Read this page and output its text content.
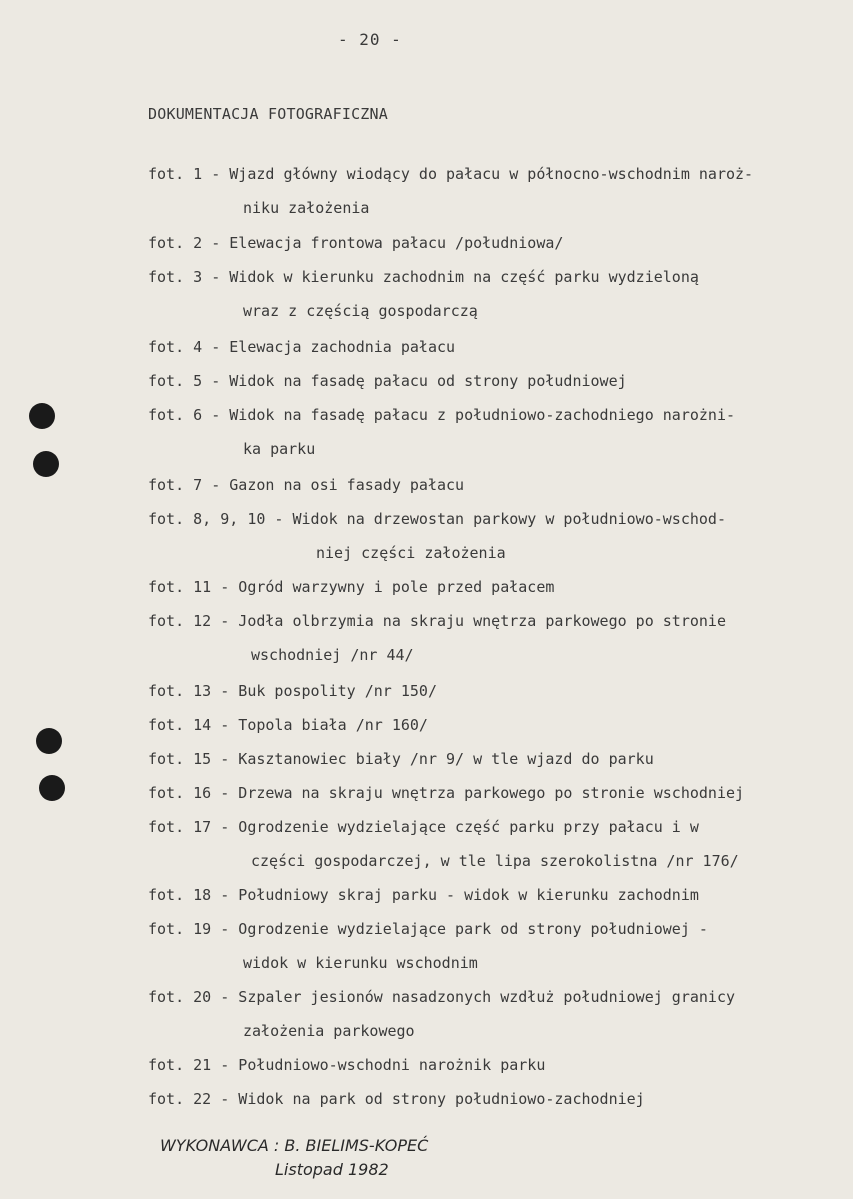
- 20 -
DOKUMENTACJA FOTOGRAFICZNA
fot. 1 - Wjazd główny wiodący do pałacu w północno-wschodnim naroż-
niku założenia
fot. 2 - Elewacja frontowa pałacu /południowa/
fot. 3 - Widok w kierunku zachodnim na część parku wydzieloną
wraz z częścią gospodarczą
fot. 4 - Elewacja zachodnia pałacu
fot. 5 - Widok na fasadę pałacu od strony południowej
fot. 6 - Widok na fasadę pałacu z południowo-zachodniego narożni-
ka parku
fot. 7 - Gazon na osi fasady pałacu
fot. 8, 9, 10 - Widok na drzewostan parkowy w południowo-wschod-
niej części założenia
fot. 11 - Ogród warzywny i pole przed pałacem
fot. 12 - Jodła olbrzymia na skraju wnętrza parkowego po stronie
wschodniej /nr 44/
fot. 13 - Buk pospolity /nr 150/
fot. 14 - Topola biała /nr 160/
fot. 15 - Kasztanowiec biały /nr 9/ w tle wjazd do parku
fot. 16 - Drzewa na skraju wnętrza parkowego po stronie wschodniej
fot. 17 - Ogrodzenie wydzielające część parku przy pałacu i w
części gospodarczej, w tle lipa szerokolistna /nr 176/
fot. 18 - Południowy skraj parku - widok w kierunku zachodnim
fot. 19 - Ogrodzenie wydzielające park od strony południowej -
widok w kierunku wschodnim
fot. 20 - Szpaler jesionów nasadzonych wzdłuż południowej granicy
założenia parkowego
fot. 21 - Południowo-wschodni narożnik parku
fot. 22 - Widok na park od strony południowo-zachodniej
WYKONAWCA : B. BIELIMS-KOPEĆ
Listopad 1982
